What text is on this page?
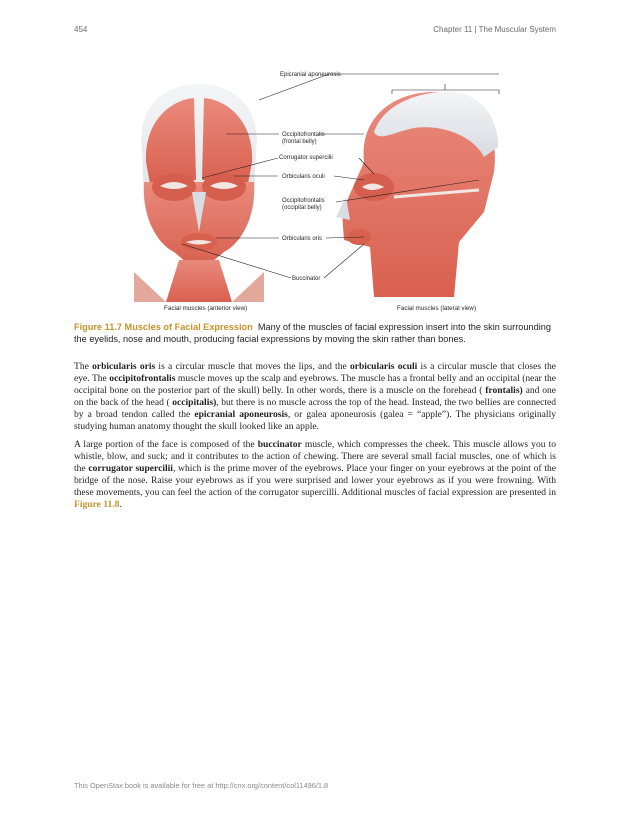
454	Chapter 11 | The Muscular System
Epicranial aponeurosis
Occipitofrontalis
(frontal belly)
Corrugator supercilii
Orbicularis oculi
Occipitofrontalis
(occipital belly)
Orbicularis oris
Buccinator
Facial muscles (anterior view)	Facial muscles (lateral view)
Figure 11.7 Muscles of Facial Expression Many of the muscles of facial expression insert into the skin surrounding the eyelids, nose and mouth, producing facial expressions by moving the skin rather than bones.

The orbicularis oris is a circular muscle that moves the lips, and the orbicularis oculi is a circular muscle that closes the eye. The occipitofrontalis muscle moves up the scalp and eyebrows. The muscle has a frontal belly and an occipital (near the occipital bone on the posterior part of the skull) belly. In other words, there is a muscle on the forehead ( frontalis) and one on the back of the head ( occipitalis), but there is no muscle across the top of the head. Instead, the two bellies are connected by a broad tendon called the epicranial aponeurosis, or galea aponeurosis (galea = “apple”). The physicians originally studying human anatomy thought the skull looked like an apple.

A large portion of the face is composed of the buccinator muscle, which compresses the cheek. This muscle allows you to whistle, blow, and suck; and it contributes to the action of chewing. There are several small facial muscles, one of which is the corrugator supercilii, which is the prime mover of the eyebrows. Place your finger on your eyebrows at the point of the bridge of the nose. Raise your eyebrows as if you were surprised and lower your eyebrows as if you were frowning. With these movements, you can feel the action of the corrugator supercilli. Additional muscles of facial expression are presented in Figure 11.8.

This OpenStax book is available for free at http://cnx.org/content/col11496/1.8
